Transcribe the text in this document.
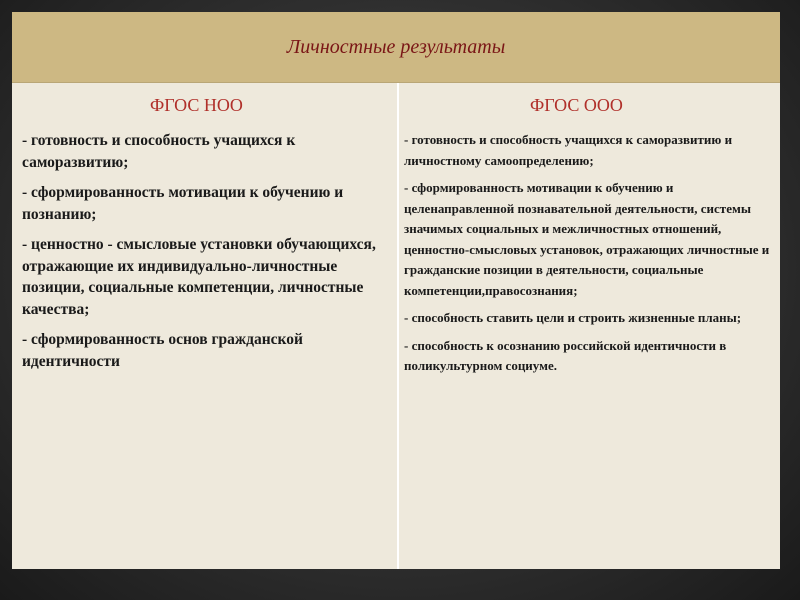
Личностные результаты
ФГОС НОО
- готовность и способность учащихся к саморазвитию;
- сформированность мотивации к обучению и познанию;
- ценностно - смысловые установки обучающихся, отражающие их индивидуально-личностные позиции, социальные компетенции, личностные качества;
- сформированность основ гражданской идентичности
ФГОС ООО
- готовность и способность учащихся к саморазвитию и личностному самоопределению;
- сформированность мотивации к обучению и целенаправленной познавательной деятельности, системы значимых социальных и межличностных отношений, ценностно-смысловых установок, отражающих личностные и гражданские позиции в деятельности, социальные компетенции,правосознания;
- способность ставить цели и строить жизненные планы;
- способность к осознанию российской идентичности в поликультурном социуме.
